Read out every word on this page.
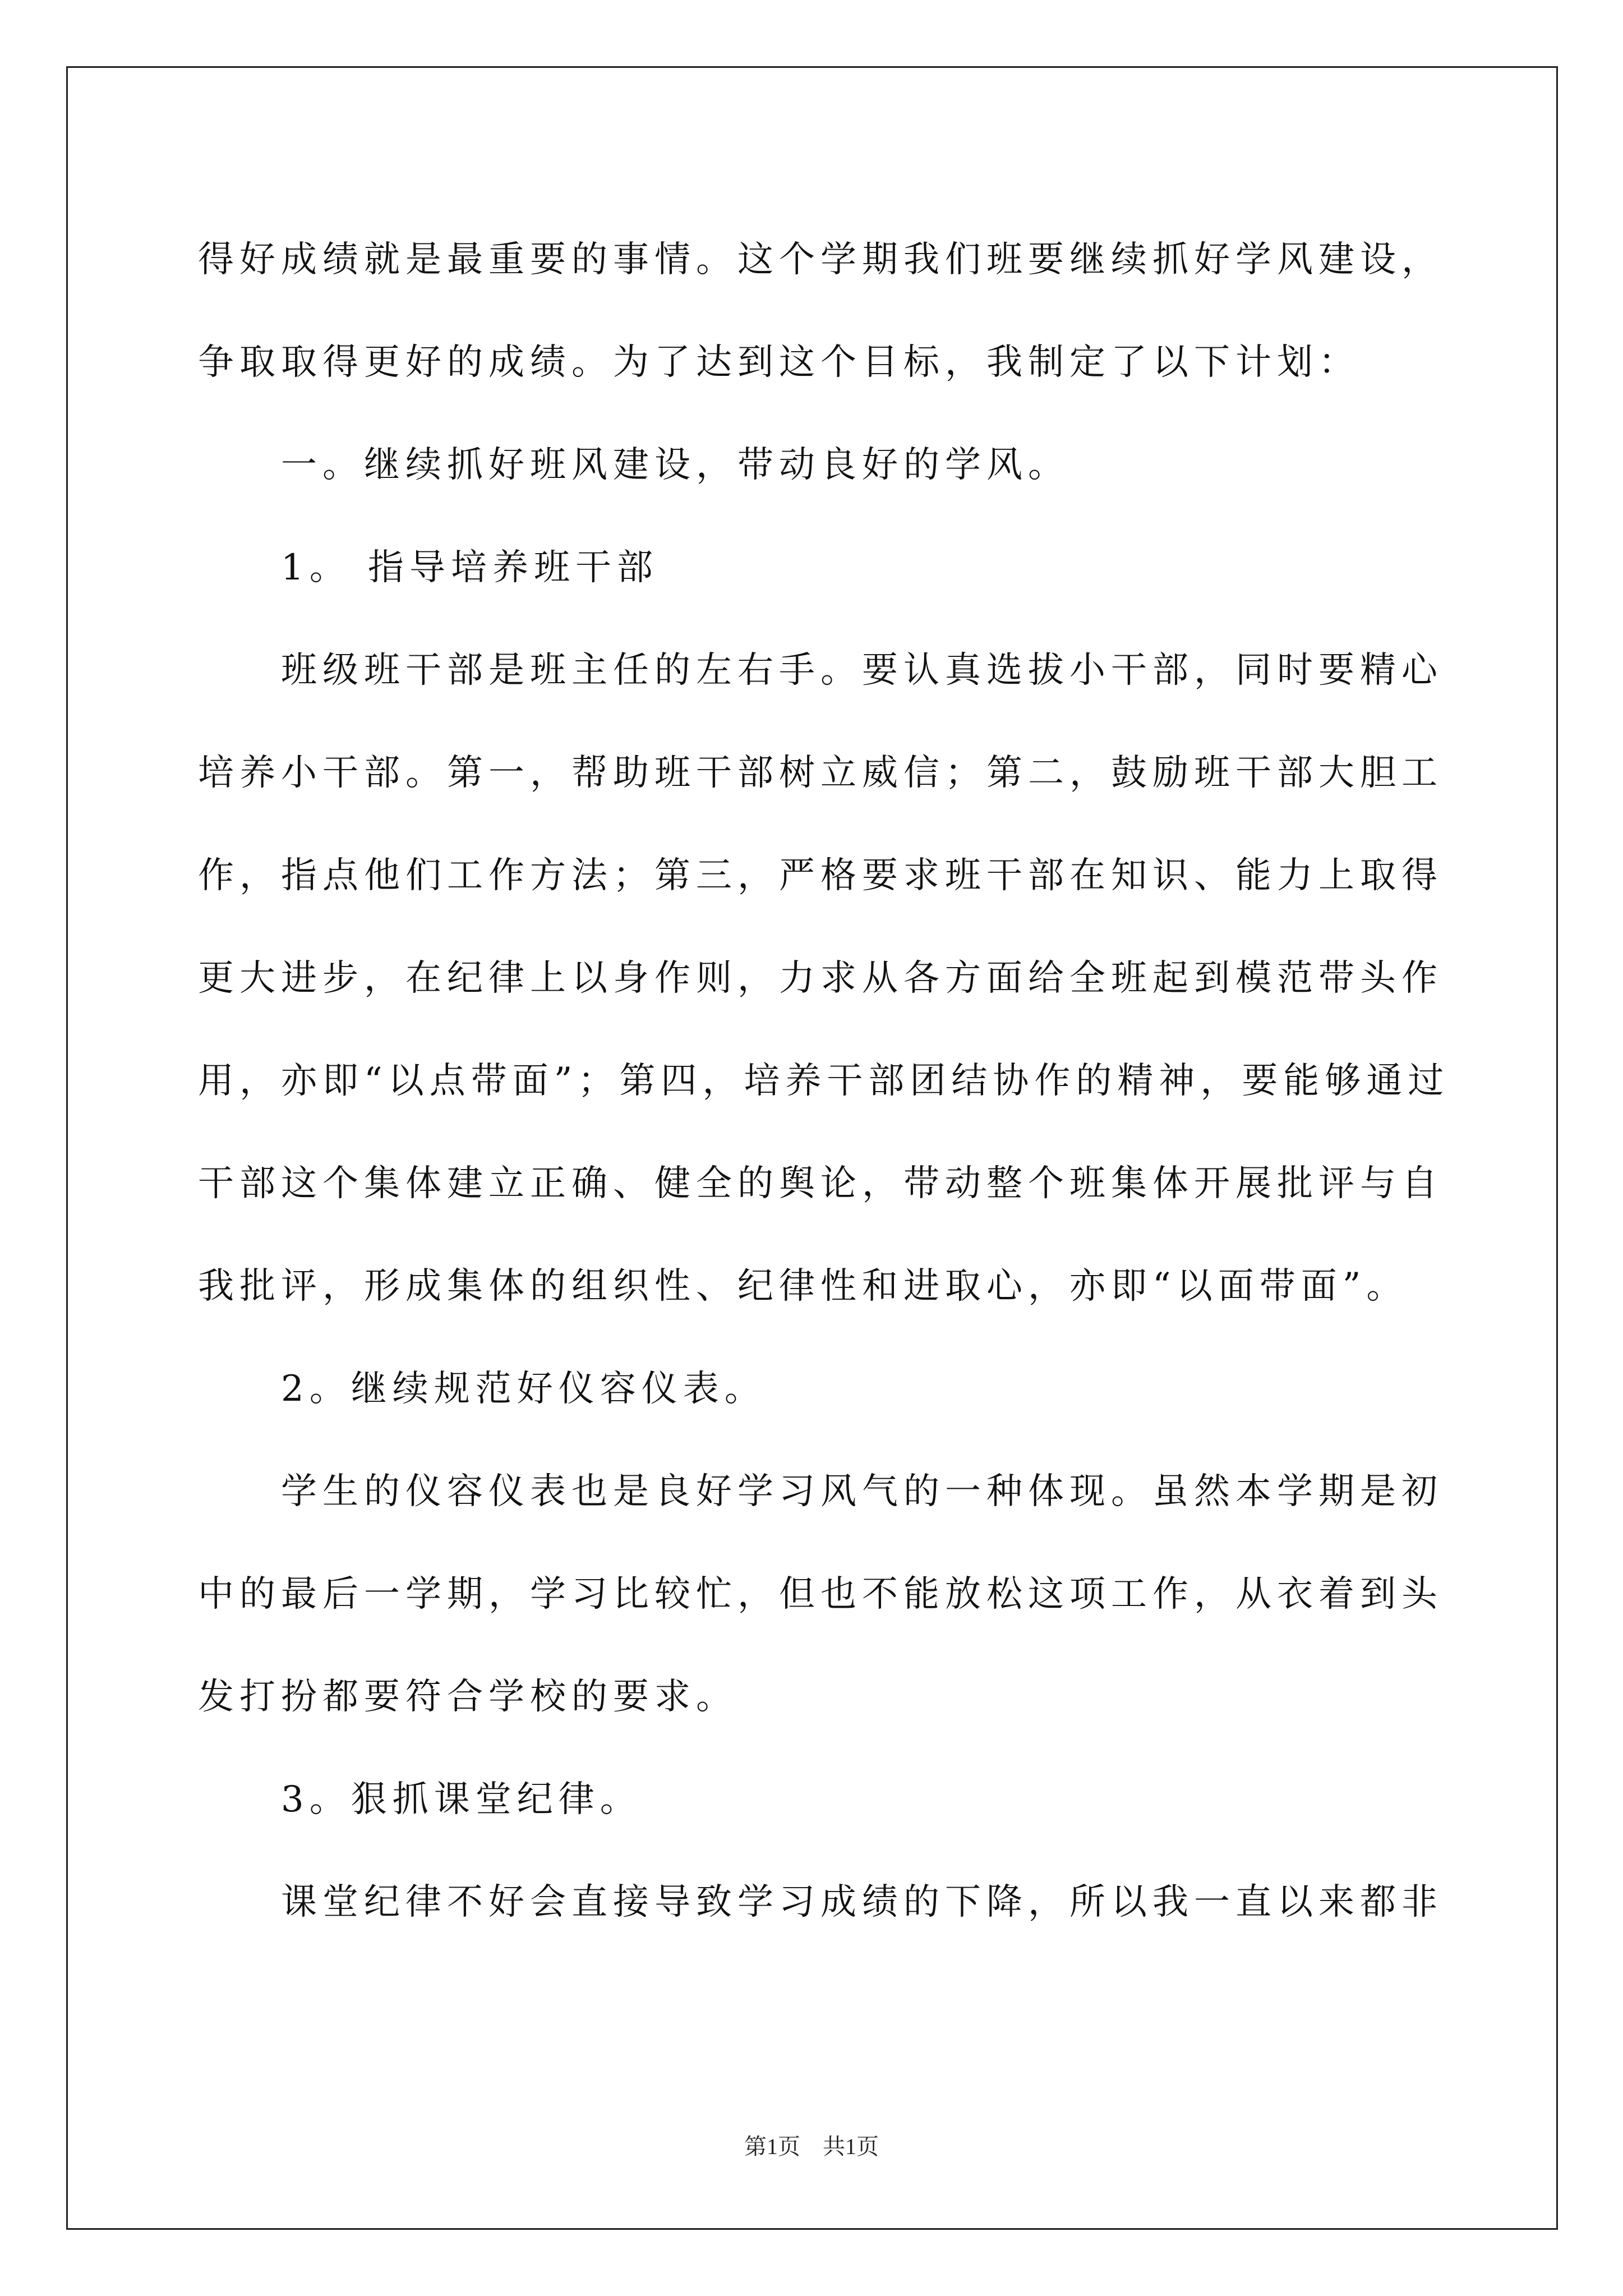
得好成绩就是最重要的事情。这个学期我们班要继续抓好学风建设，
争取取得更好的成绩。为了达到这个目标，我制定了以下计划：
一。继续抓好班风建设，带动良好的学风。
1。 指导培养班干部
班级班干部是班主任的左右手。要认真选拔小干部，同时要精心
培养小干部。第一，帮助班干部树立威信；第二，鼓励班干部大胆工
作，指点他们工作方法；第三，严格要求班干部在知识、能力上取得
更大进步，在纪律上以身作则，力求从各方面给全班起到模范带头作
用，亦即“以点带面”；第四，培养干部团结协作的精神，要能够通过
干部这个集体建立正确、健全的舆论，带动整个班集体开展批评与自
我批评，形成集体的组织性、纪律性和进取心，亦即“以面带面”。
2。继续规范好仪容仪表。
学生的仪容仪表也是良好学习风气的一种体现。虽然本学期是初
中的最后一学期，学习比较忙，但也不能放松这项工作，从衣着到头
发打扮都要符合学校的要求。
3。狠抓课堂纪律。
课堂纪律不好会直接导致学习成绩的下降，所以我一直以来都非
第1页　共1页
